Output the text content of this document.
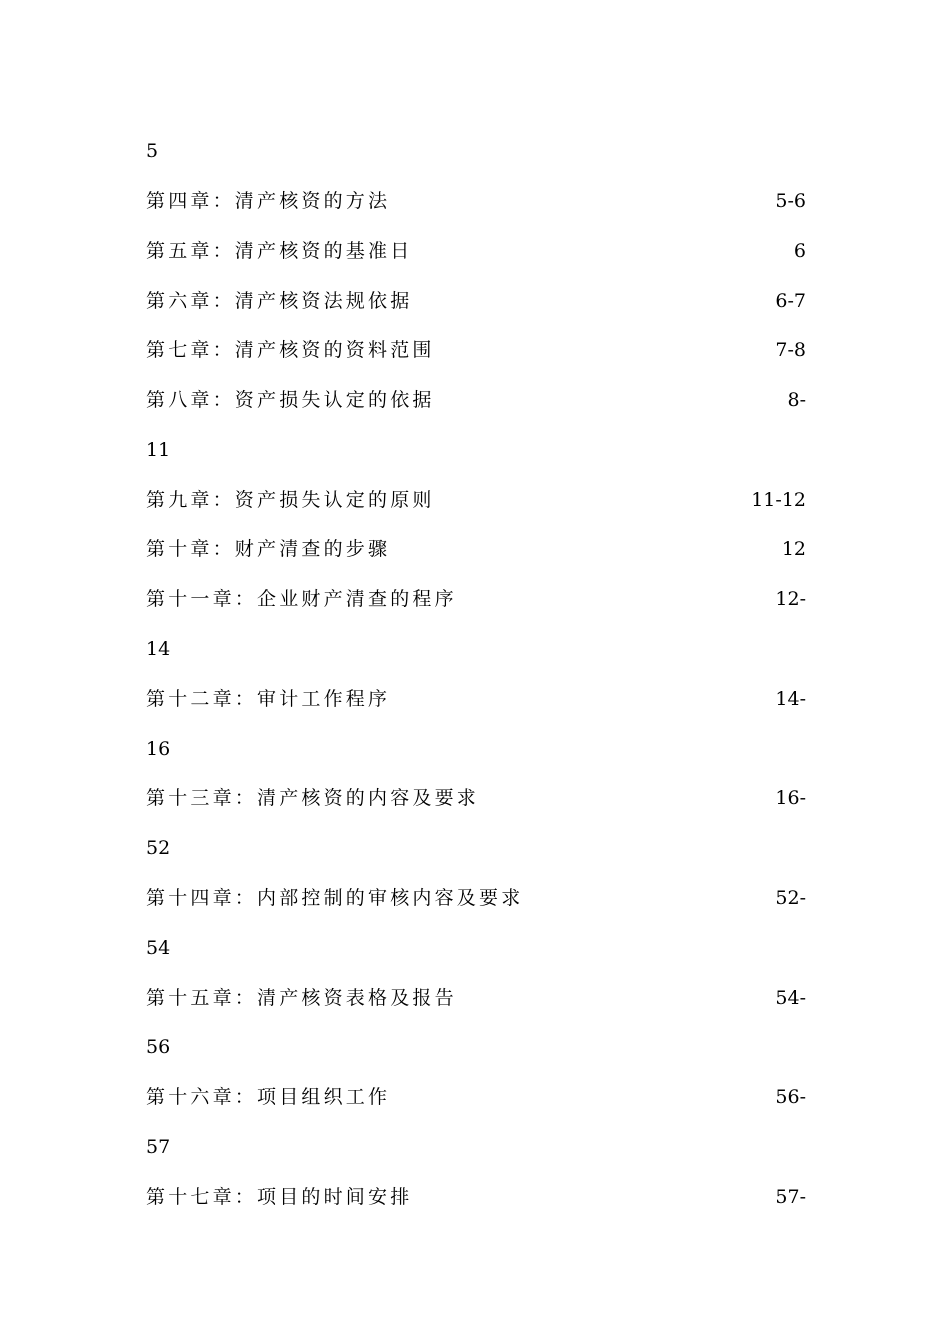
5
第四章：清产核资的方法	5-6
第五章：清产核资的基准日	6
第六章：清产核资法规依据	6-7
第七章：清产核资的资料范围	7-8
第八章：资产损失认定的依据	8-
11
第九章：资产损失认定的原则	11-12
第十章：财产清查的步骤	12
第十一章：企业财产清查的程序	12-
14
第十二章：审计工作程序	14-
16
第十三章：清产核资的内容及要求	16-
52
第十四章：内部控制的审核内容及要求	52-
54
第十五章：清产核资表格及报告	54-
56
第十六章：项目组织工作	56-
57
第十七章：项目的时间安排	57-
